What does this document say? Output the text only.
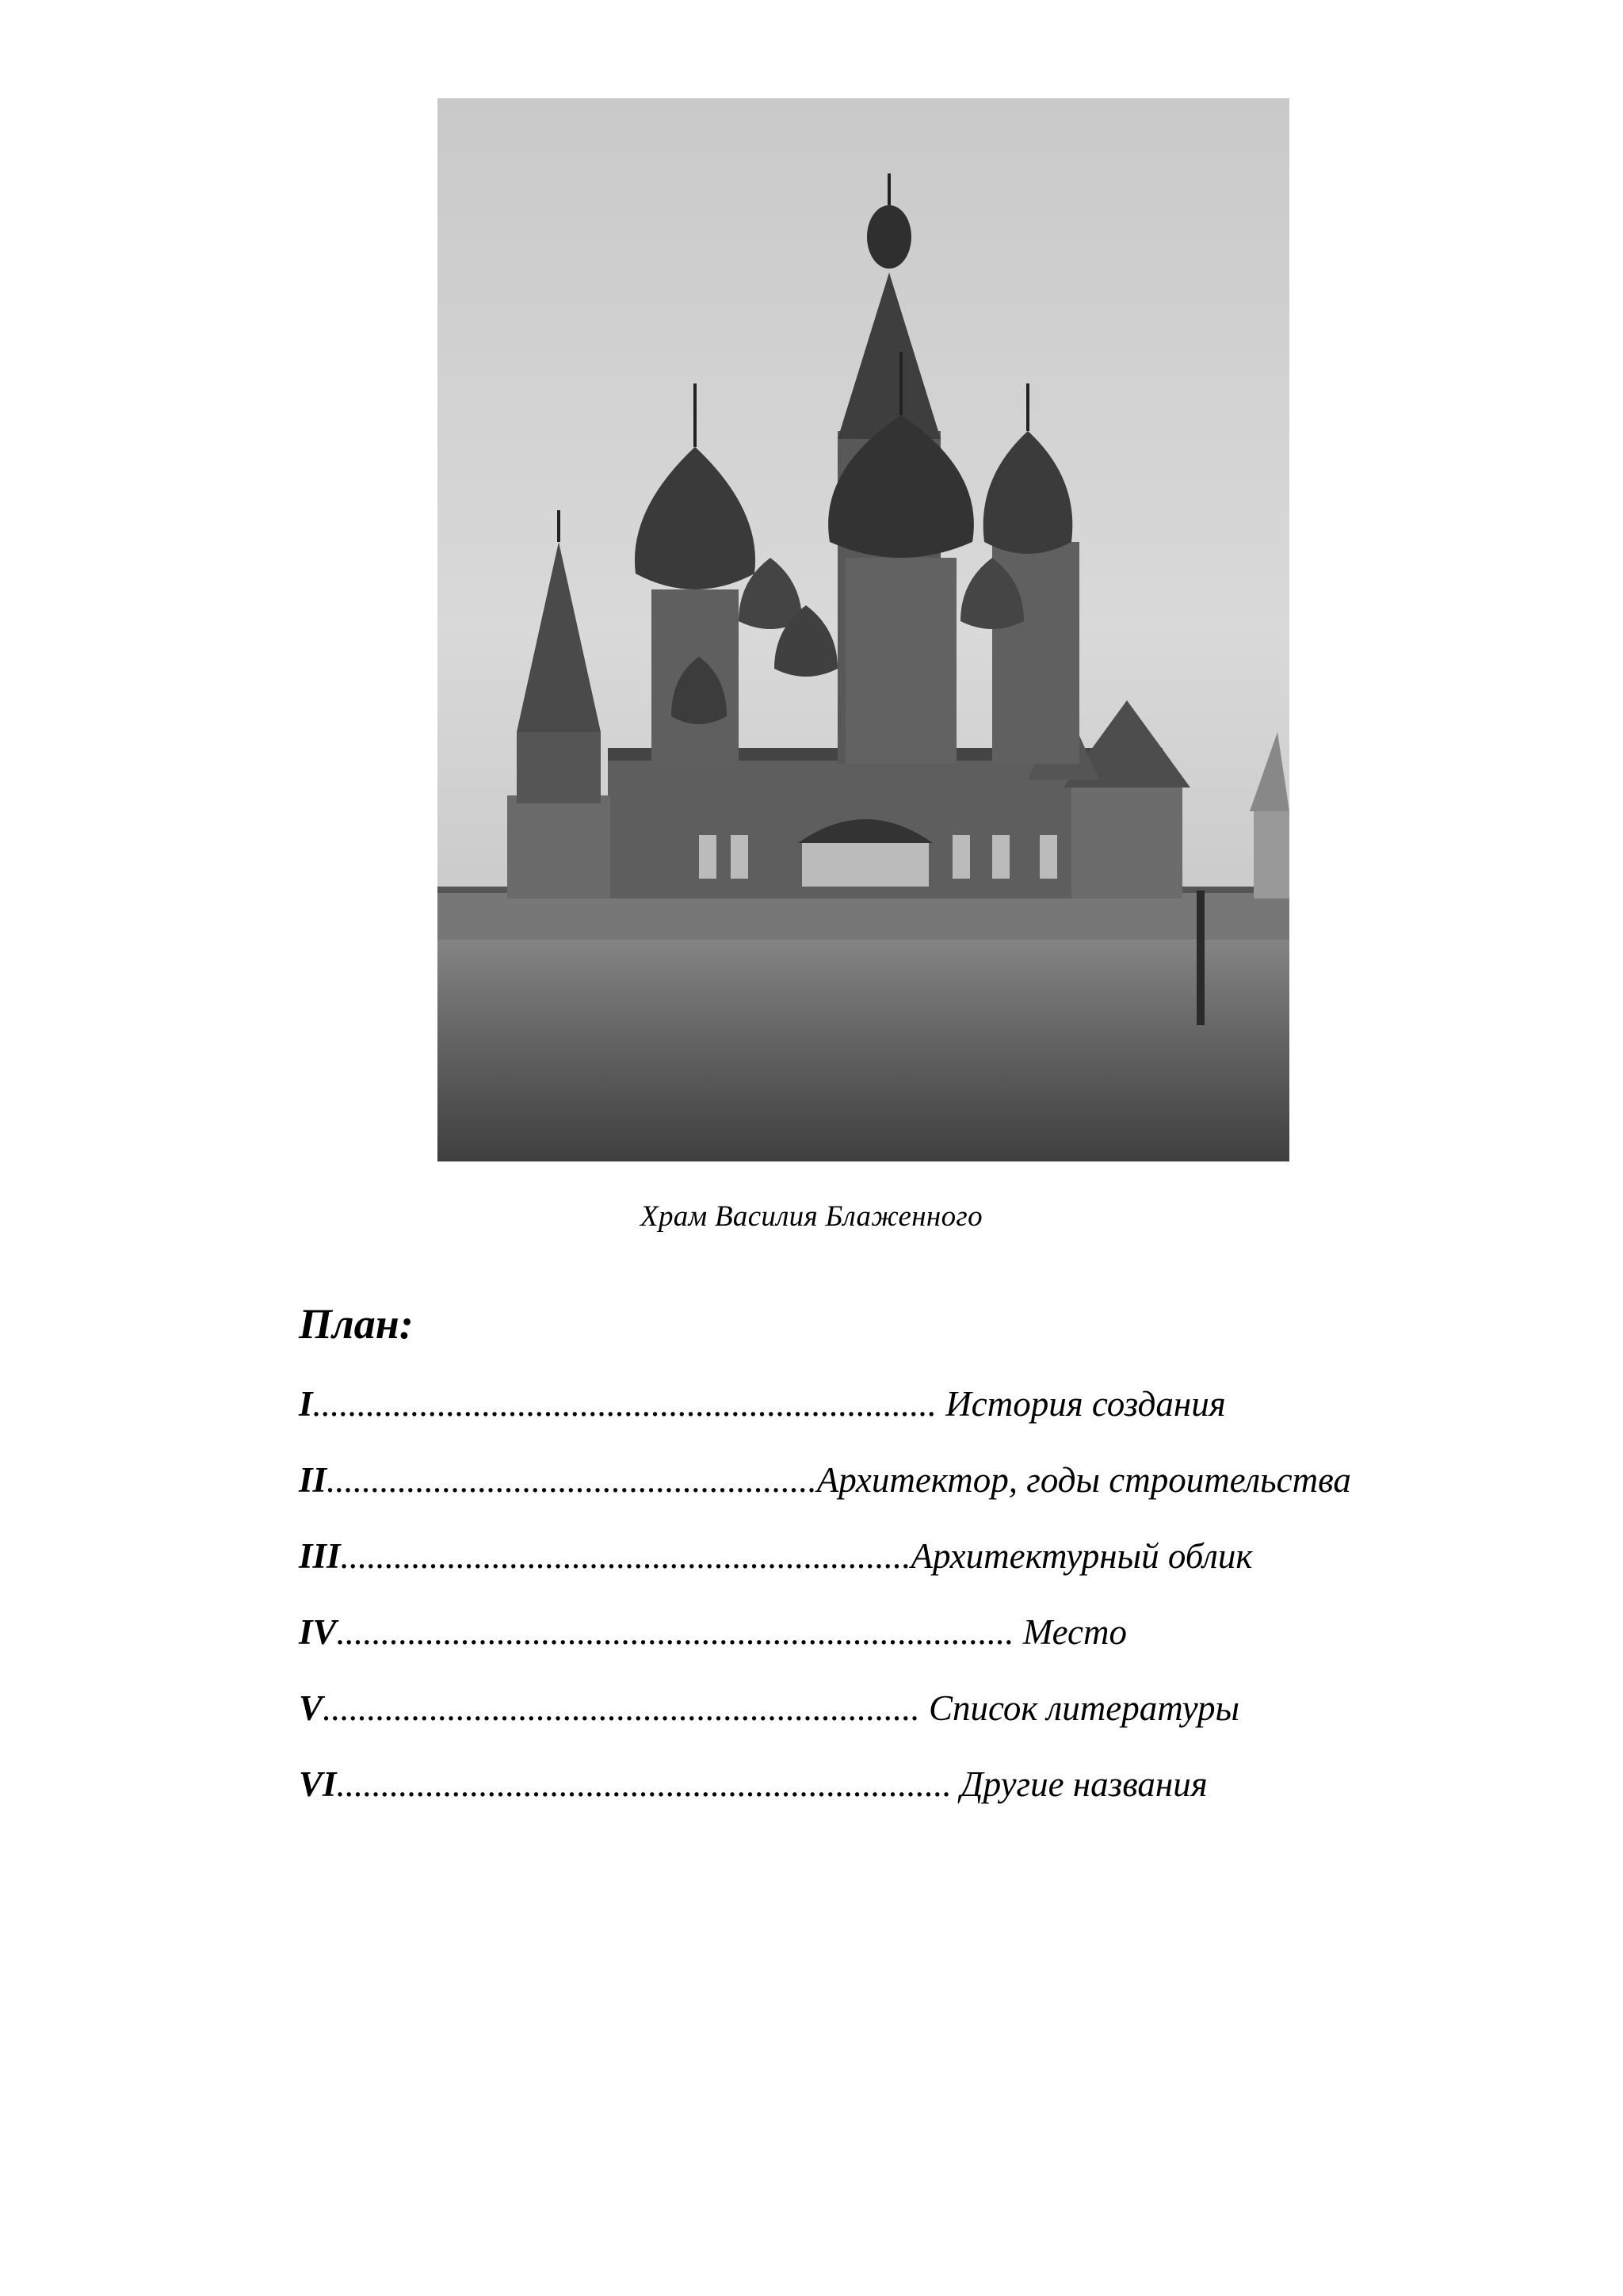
Храм Василия Блаженного
План:
I...................................................................... История создания
II.......................................................Архитектор, годы строительства
III................................................................Архитектурный облик
IV............................................................................ Место
V................................................................... Список литературы
VI..................................................................... Другие названия
